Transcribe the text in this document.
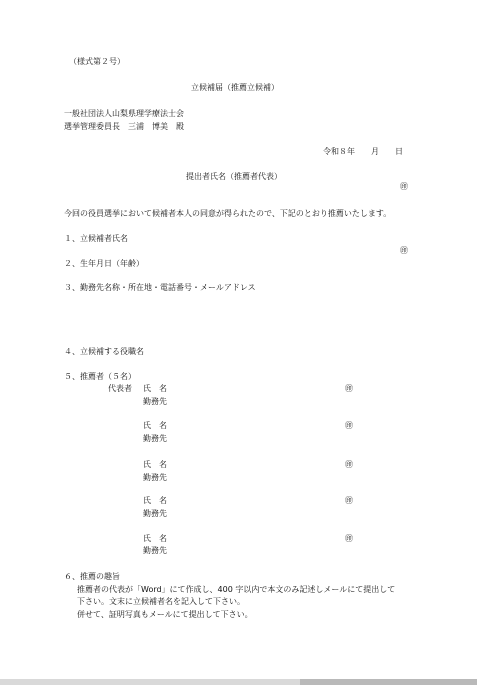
（様式第２号）
立候補届（推薦立候補）
一般社団法人山梨県理学療法士会
選挙管理委員長　三浦　博美　殿
令和８年　　月　　日
提出者氏名（推薦者代表）
㊞
今回の役員選挙において候補者本人の同意が得られたので、下記のとおり推薦いたします。
１、立候補者氏名
㊞
２、生年月日（年齢）
３、勤務先名称・所在地・電話番号・メールアドレス
４、立候補する役職名
５、推薦者（５名）
代表者 氏　名	㊞
勤務先
氏　名	㊞
勤務先
氏　名	㊞
勤務先
氏　名	㊞
勤務先
氏　名	㊞
勤務先
６、推薦の趣旨
推薦者の代表が「Word」にて作成し、400 字以内で本文のみ記述しメールにて提出して
下さい。文末に立候補者名を記入して下さい。
併せて、証明写真もメールにて提出して下さい。
